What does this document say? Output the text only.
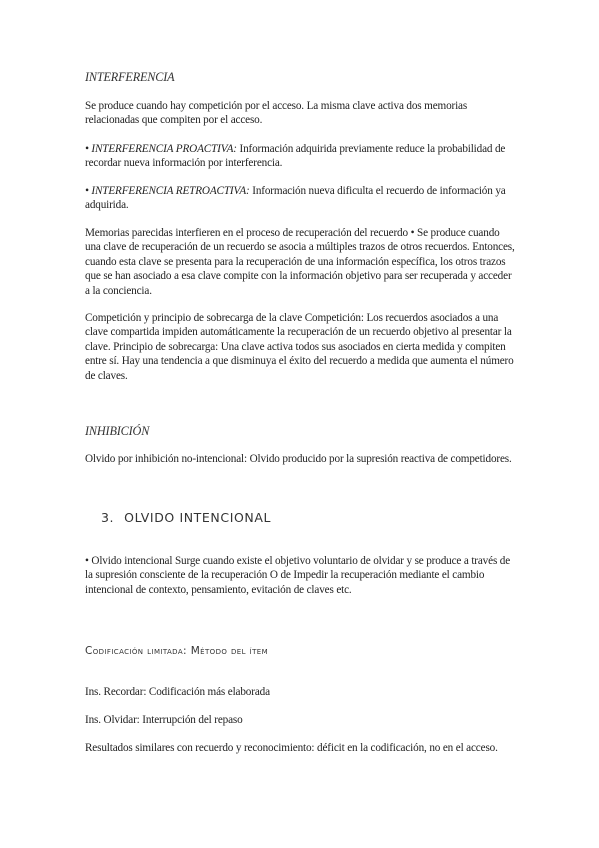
INTERFERENCIA
Se produce cuando hay competición por el acceso. La misma clave activa dos memorias relacionadas que compiten por el acceso.
• INTERFERENCIA PROACTIVA: Información adquirida previamente reduce la probabilidad de recordar nueva información por interferencia.
• INTERFERENCIA RETROACTIVA: Información nueva dificulta el recuerdo de información ya adquirida.
Memorias parecidas interfieren en el proceso de recuperación del recuerdo • Se produce cuando una clave de recuperación de un recuerdo se asocia a múltiples trazos de otros recuerdos. Entonces, cuando esta clave se presenta para la recuperación de una información específica, los otros trazos que se han asociado a esa clave compite con la información objetivo para ser recuperada y acceder a la conciencia.
Competición y principio de sobrecarga de la clave Competición: Los recuerdos asociados a una clave compartida impiden automáticamente la recuperación de un recuerdo objetivo al presentar la clave. Principio de sobrecarga: Una clave activa todos sus asociados en cierta medida y compiten entre sí. Hay una tendencia a que disminuya el éxito del recuerdo a medida que aumenta el número de claves.
INHIBICIÓN
Olvido por inhibición no-intencional: Olvido producido por la supresión reactiva de competidores.
3. OLVIDO INTENCIONAL
• Olvido intencional Surge cuando existe el objetivo voluntario de olvidar y se produce a través de la supresión consciente de la recuperación O de Impedir la recuperación mediante el cambio intencional de contexto, pensamiento, evitación de claves etc.
Codificación limitada: Método del ítem
Ins. Recordar: Codificación más elaborada
Ins. Olvidar: Interrupción del repaso
Resultados similares con recuerdo y reconocimiento: déficit en la codificación, no en el acceso.
